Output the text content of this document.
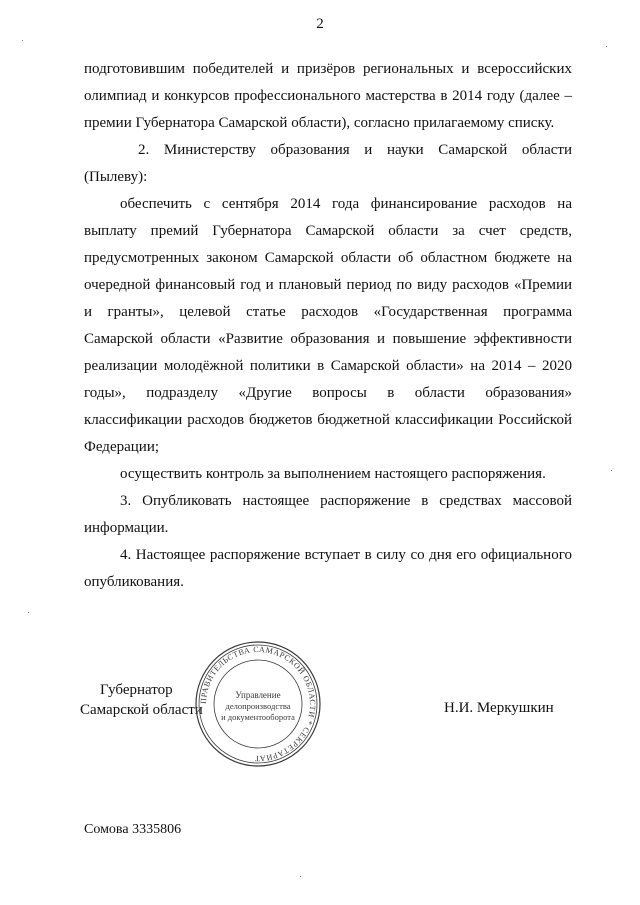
2

подготовившим победителей и призёров региональных и всероссийских олимпиад и конкурсов профессионального мастерства в 2014 году (далее – премии Губернатора Самарской области), согласно прилагаемому списку.

2. Министерству образования и науки Самарской области (Пылеву):

обеспечить с сентября 2014 года финансирование расходов на выплату премий Губернатора Самарской области за счет средств, предусмотренных законом Самарской области об областном бюджете на очередной финансовый год и плановый период по виду расходов «Премии и гранты», целевой статье расходов «Государственная программа Самарской области «Развитие образования и повышение эффективности реализации молодёжной политики в Самарской области» на 2014 – 2020 годы», подразделу «Другие вопросы в области образования» классификации расходов бюджетов бюджетной классификации Российской Федерации;

осуществить контроль за выполнением настоящего распоряжения.

3. Опубликовать настоящее распоряжение в средствах массовой информации.

4. Настоящее распоряжение вступает в силу со дня его официального опубликования.

Губернатор
Самарской области
ПРАВИТЕЛЬСТВА САМАРСКОЙ ОБЛАСТИ * СЕКРЕТАРИАТ
Управление
делопроизводства
и документооборота
Н.И. Меркушкин
Сомова 3335806
